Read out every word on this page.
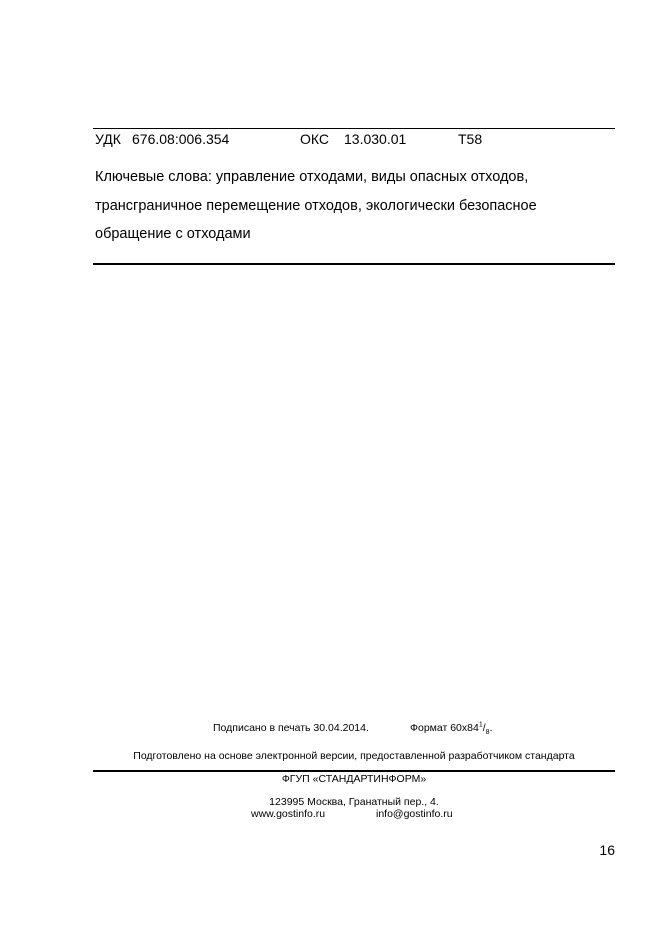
УДК 676.08:006.354	ОКС 13.030.01	Т58
Ключевые слова: управление отходами, виды опасных отходов,
трансграничное перемещение отходов, экологически безопасное
обращение с отходами
Подписано в печать 30.04.2014.	Формат $60x84^1/_8$.
Подготовлено на основе электронной версии, предоставленной разработчиком стандарта
ФГУП «СТАНДАРТИНФОРМ»
123995 Москва, Гранатный пер., 4.
www.gostinfo.ru	info@gostinfo.ru
16
